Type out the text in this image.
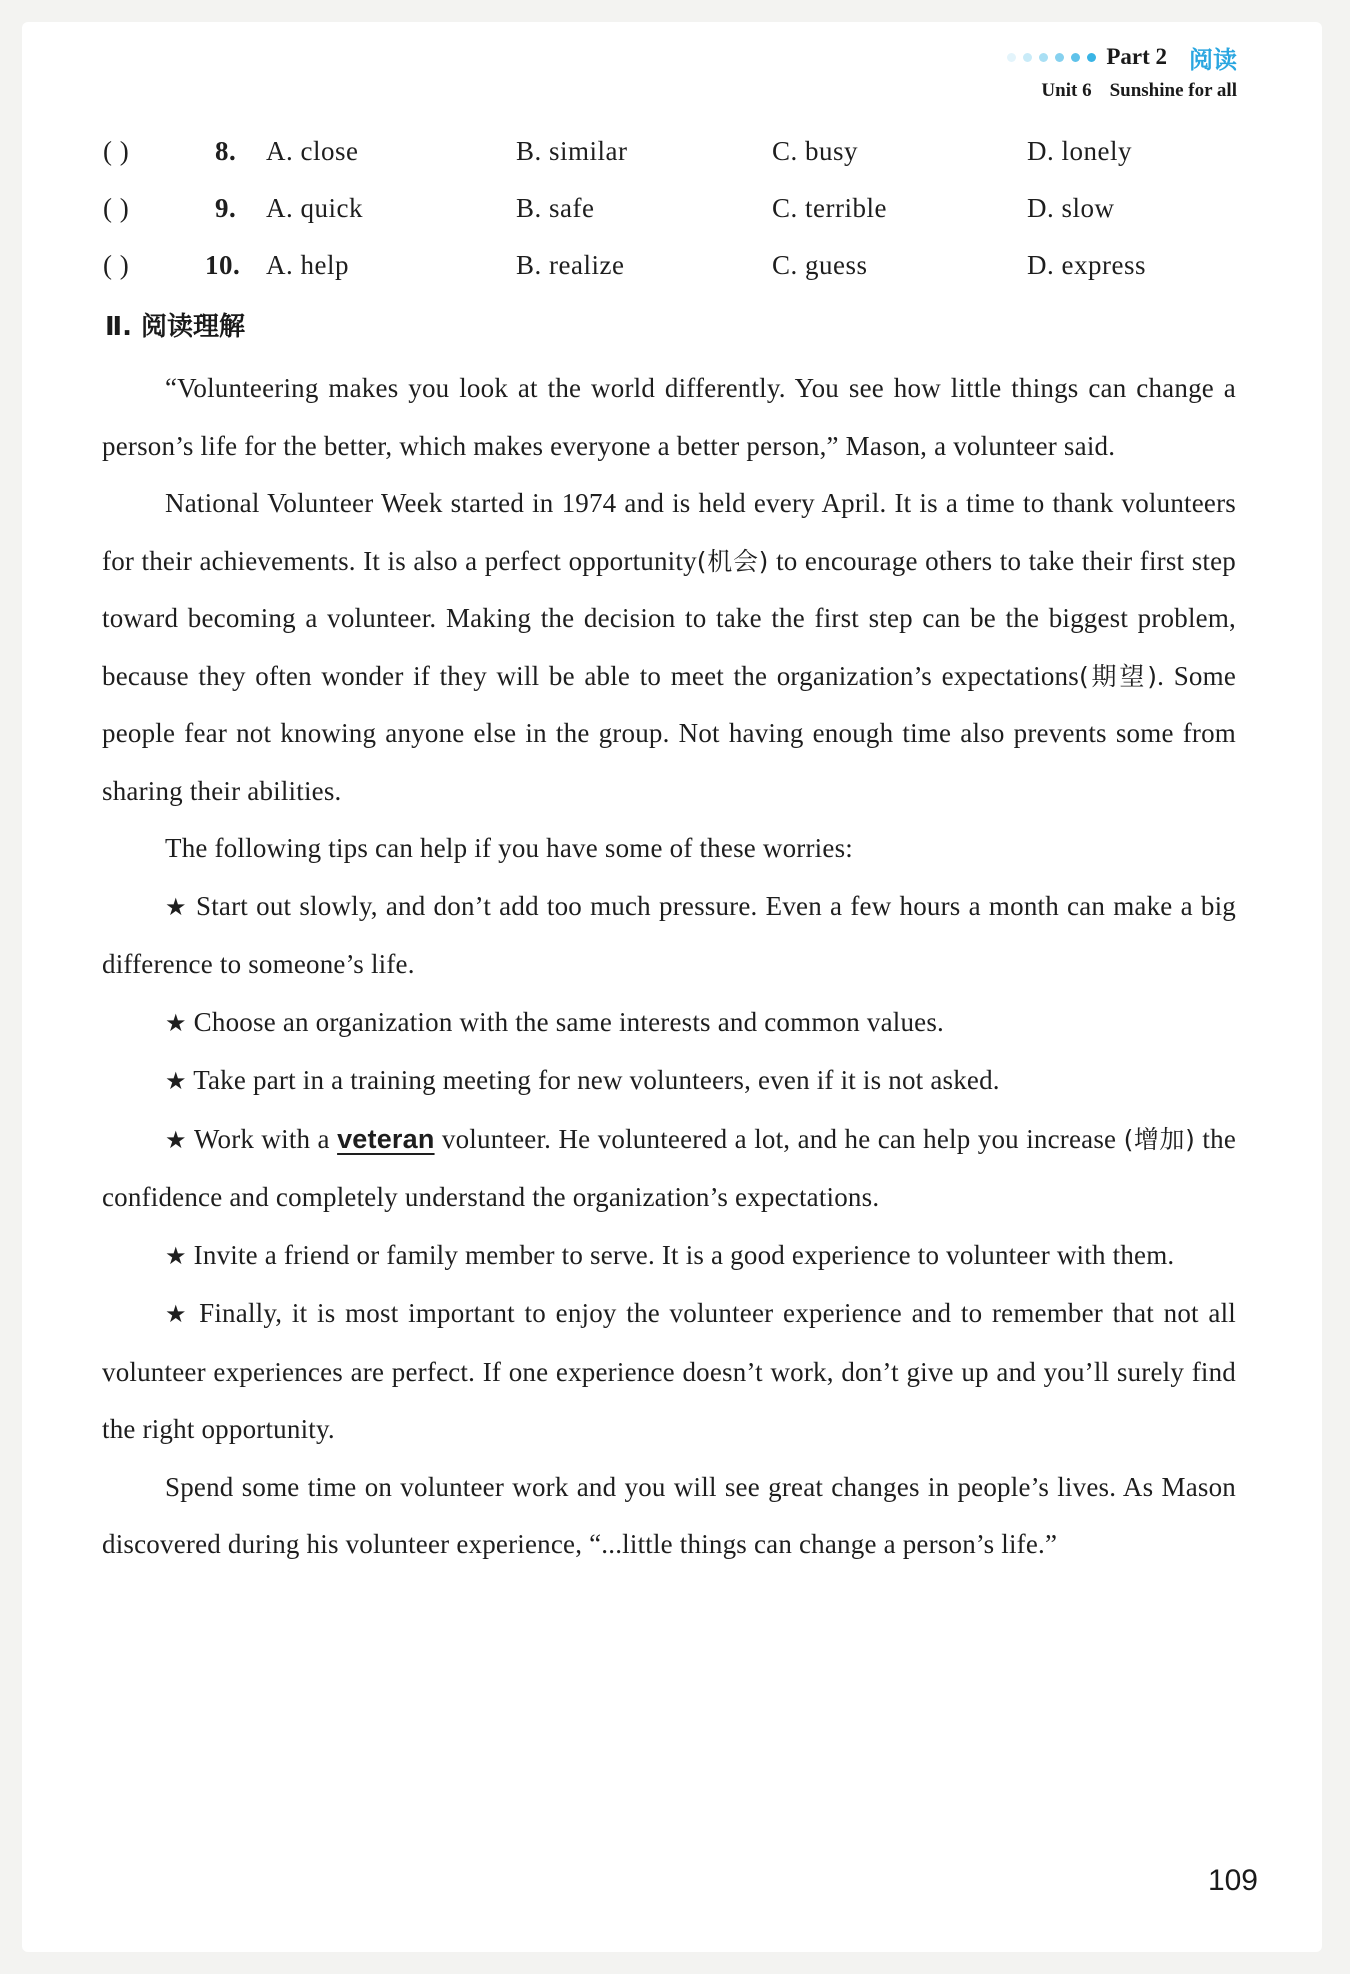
Part 2 阅读
Unit 6 Sunshine for all
( )	8. A. close	B. similar	C. busy	D. lonely
( )	9. A. quick	B. safe	C. terrible	D. slow
( )	10. A. help	B. realize	C. guess	D. express
Ⅱ. 阅读理解

“Volunteering makes you look at the world differently. You see how little things can change a person’s life for the better, which makes everyone a better person,” Mason, a volunteer said.

National Volunteer Week started in 1974 and is held every April. It is a time to thank volunteers for their achievements. It is also a perfect opportunity(机会) to encourage others to take their first step toward becoming a volunteer. Making the decision to take the first step can be the biggest problem, because they often wonder if they will be able to meet the organization’s expectations(期望). Some people fear not knowing anyone else in the group. Not having enough time also prevents some from sharing their abilities.

The following tips can help if you have some of these worries:

★ Start out slowly, and don’t add too much pressure. Even a few hours a month can make a big difference to someone’s life.

★ Choose an organization with the same interests and common values.

★ Take part in a training meeting for new volunteers, even if it is not asked.

★ Work with a veteran volunteer. He volunteered a lot, and he can help you increase (增加) the confidence and completely understand the organization’s expectations.

★ Invite a friend or family member to serve. It is a good experience to volunteer with them.

★ Finally, it is most important to enjoy the volunteer experience and to remember that not all volunteer experiences are perfect. If one experience doesn’t work, don’t give up and you’ll surely find the right opportunity.

Spend some time on volunteer work and you will see great changes in people’s lives. As Mason discovered during his volunteer experience, “...little things can change a person’s life.”

109
